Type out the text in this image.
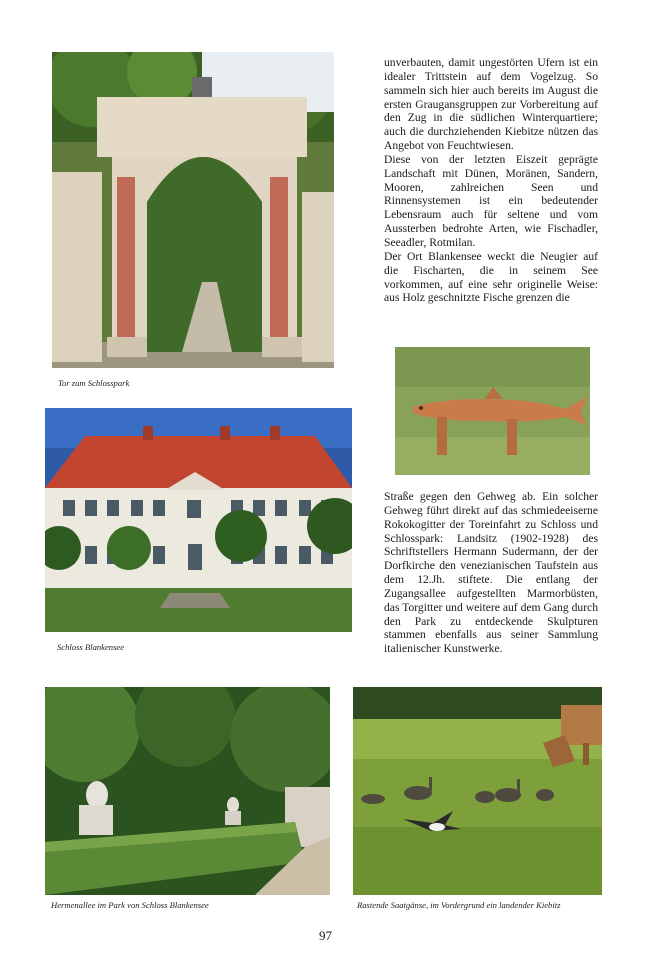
Tor zum Schlosspark
Schloss Blankensee
Hermenallee im Park von Schloss Blankensee	Rastende Saatgänse, im Vordergrund ein landender Kiebitz

unverbauten, damit ungestörten Ufern ist ein idealer Trittstein auf dem Vogelzug. So sammeln sich hier auch bereits im August die ersten Graugansgruppen zur Vorbereitung auf den Zug in die südlichen Winterquartiere; auch die durchziehenden Kiebitze nützen das Angebot von Feuchtwiesen.

Diese von der letzten Eiszeit geprägte Landschaft mit Dünen, Moränen, Sandern, Mooren, zahlreichen Seen und Rinnensystemen ist ein bedeutender Lebensraum auch für seltene und vom Aussterben bedrohte Arten, wie Fischadler, Seeadler, Rotmilan.

Der Ort Blankensee weckt die Neugier auf die Fischarten, die in seinem See vorkommen, auf eine sehr originelle Weise: aus Holz geschnitzte Fische grenzen die

Straße gegen den Gehweg ab. Ein solcher Gehweg führt direkt auf das schmiedeeiserne Rokokogitter der Toreinfahrt zu Schloss und Schlosspark: Landsitz (1902-1928) des Schriftstellers Hermann Sudermann, der der Dorfkirche den venezianischen Taufstein aus dem 12.Jh. stiftete. Die entlang der Zugangsallee aufgestellten Marmorbüsten, das Torgitter und weitere auf dem Gang durch den Park zu entdeckende Skulpturen stammen ebenfalls aus seiner Sammlung italienischer Kunstwerke.

97
